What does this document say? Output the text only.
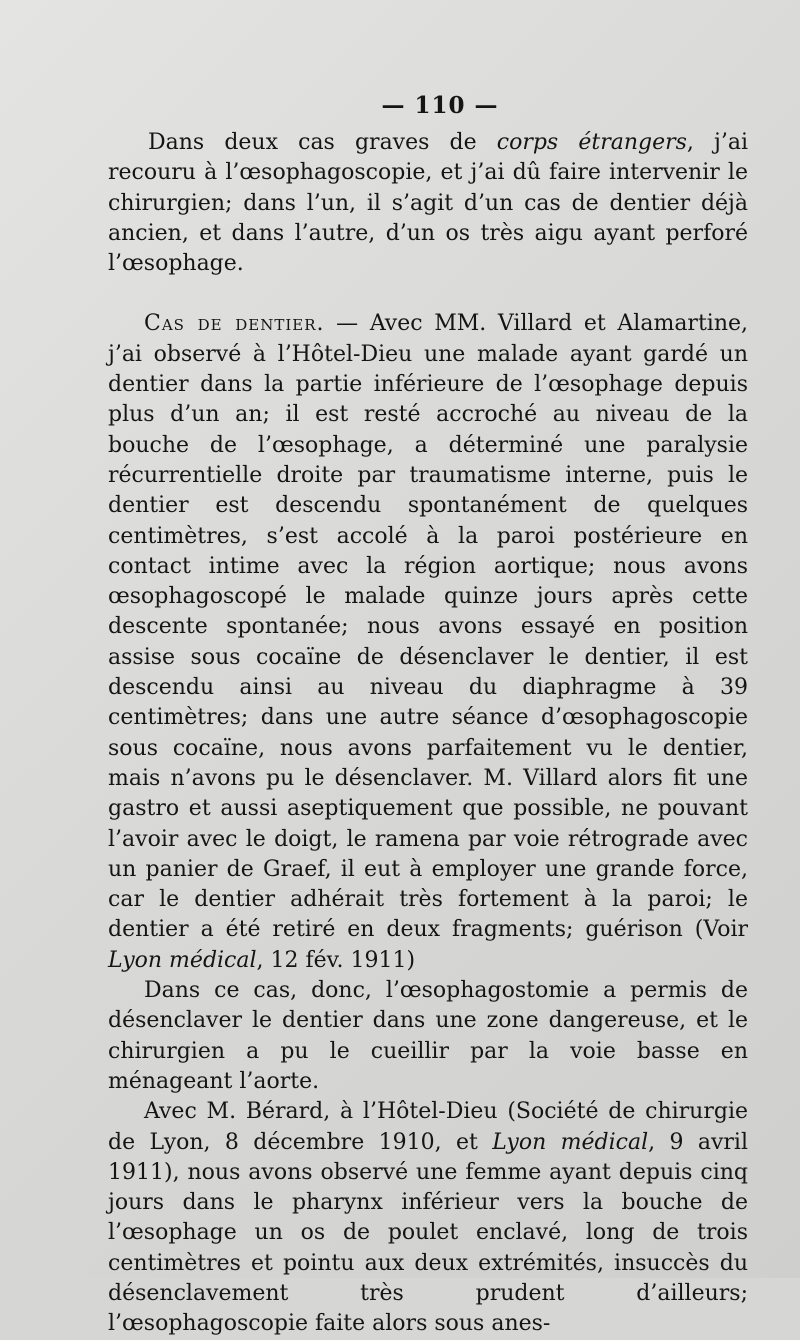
— 110 —

Dans deux cas graves de corps étrangers, j’ai recouru à l’œsophagoscopie, et j’ai dû faire intervenir le chirurgien; dans l’un, il s’agit d’un cas de dentier déjà ancien, et dans l’autre, d’un os très aigu ayant perforé l’œsophage.

Cas de dentier. — Avec MM. Villard et Alamartine, j’ai observé à l’Hôtel-Dieu une malade ayant gardé un dentier dans la partie inférieure de l’œsophage depuis plus d’un an; il est resté accroché au niveau de la bouche de l’œsophage, a déterminé une paralysie récurrentielle droite par traumatisme interne, puis le dentier est descendu spontanément de quelques centimètres, s’est accolé à la paroi postérieure en contact intime avec la région aortique; nous avons œsophagoscopé le malade quinze jours après cette descente spontanée; nous avons essayé en position assise sous cocaïne de désenclaver le dentier, il est descendu ainsi au niveau du diaphragme à 39 centimètres; dans une autre séance d’œsophagoscopie sous cocaïne, nous avons parfaitement vu le dentier, mais n’avons pu le désenclaver. M. Villard alors fit une gastro et aussi aseptiquement que possible, ne pouvant l’avoir avec le doigt, le ramena par voie rétrograde avec un panier de Graef, il eut à employer une grande force, car le dentier adhérait très fortement à la paroi; le dentier a été retiré en deux fragments; guérison (Voir Lyon médical, 12 fév. 1911)

Dans ce cas, donc, l’œsophagostomie a permis de désenclaver le dentier dans une zone dangereuse, et le chirurgien a pu le cueillir par la voie basse en ménageant l’aorte.

Avec M. Bérard, à l’Hôtel-Dieu (Société de chirurgie de Lyon, 8 décembre 1910, et Lyon médical, 9 avril 1911), nous avons observé une femme ayant depuis cinq jours dans le pharynx inférieur vers la bouche de l’œsophage un os de poulet enclavé, long de trois centimètres et pointu aux deux extrémités, insuccès du désenclavement très prudent d’ailleurs; l’œsophagoscopie faite alors sous anes-
